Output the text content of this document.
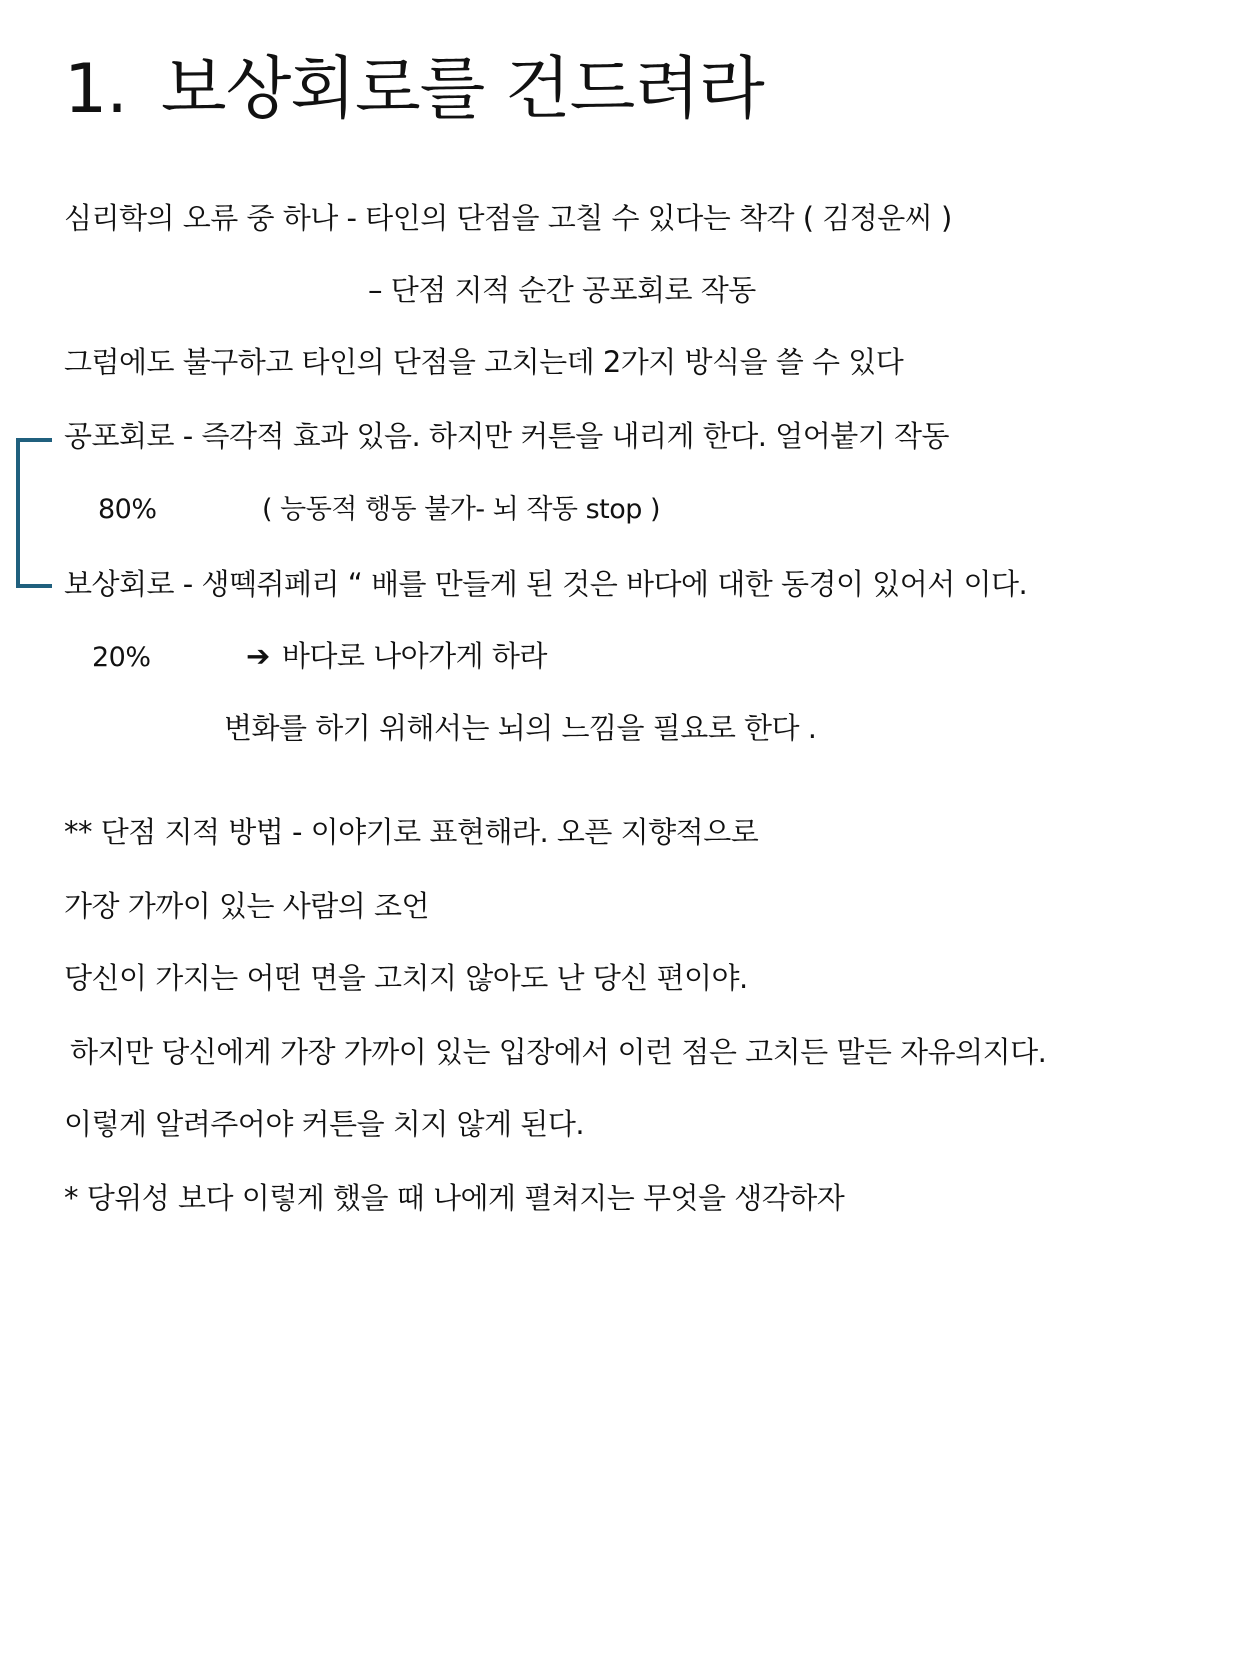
1. 보상회로를 건드려라
심리학의 오류 중 하나 - 타인의 단점을 고칠 수 있다는 착각 ( 김정운씨 )
– 단점 지적 순간 공포회로 작동
그럼에도 불구하고 타인의 단점을 고치는데 2가지 방식을 쓸 수 있다
공포회로 - 즉각적 효과 있음. 하지만 커튼을 내리게 한다. 얼어붙기 작동
80%	( 능동적 행동 불가- 뇌 작동 stop )
보상회로 - 생떽쥐페리 “ 배를 만들게 된 것은 바다에 대한 동경이 있어서 이다.
20%	➔ 바다로 나아가게 하라
변화를 하기 위해서는 뇌의 느낌을 필요로 한다 .
** 단점 지적 방법 - 이야기로 표현해라. 오픈 지향적으로
가장 가까이 있는 사람의 조언
당신이 가지는 어떤 면을 고치지 않아도 난 당신 편이야.
하지만 당신에게 가장 가까이 있는 입장에서 이런 점은 고치든 말든 자유의지다.
이렇게 알려주어야 커튼을 치지 않게 된다.
* 당위성 보다 이렇게 했을 때 나에게 펼쳐지는 무엇을 생각하자
